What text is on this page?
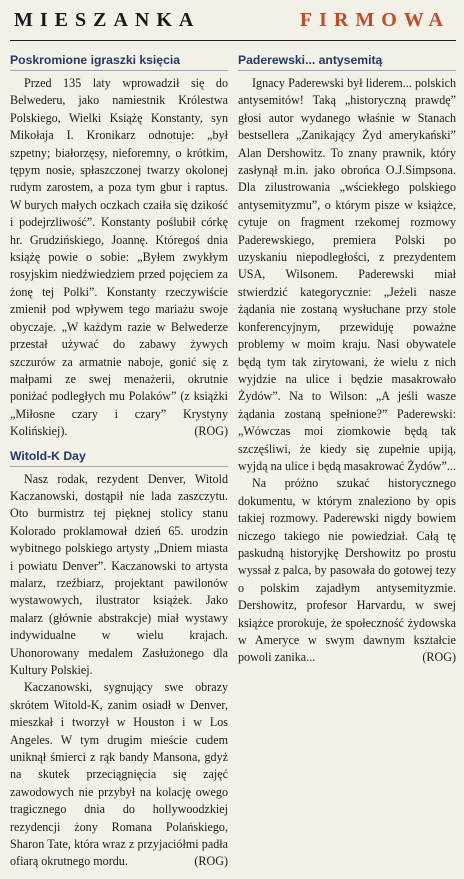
MIESZANKA	FIRMOWA
Poskromione igraszki księcia

Przed 135 laty wprowadził się do Belwederu, jako namiestnik Królestwa Polskiego, Wielki Książę Konstanty, syn Mikołaja I. Kronikarz odnotuje: „był szpetny; białorzęsy, nieforemny, o krótkim, tępym nosie, spłaszczonej twarzy okolonej rudym zarostem, a poza tym gbur i raptus. W burych małych oczkach czaiła się dzikość i podejrzliwość”. Konstanty poślubił córkę hr. Grudzińskiego, Joannę. Któregoś dnia książę powie o sobie: „Byłem zwykłym rosyjskim niedźwiedziem przed pojęciem za żonę tej Polki”. Konstanty rzeczywiście zmienił pod wpływem tego mariażu swoje obyczaje. „W każdym razie w Belwederze przestał używać do zabawy żywych szczurów za armatnie naboje, gonić się z małpami ze swej menażerii, okrutnie poniżać podległych mu Polaków” (z książki „Miłosne czary i czary” Krystyny Kolińskiej).	(ROG)

Witold-K Day

Nasz rodak, rezydent Denver, Witold Kaczanowski, dostąpił nie lada zaszczytu. Oto burmistrz tej pięknej stolicy stanu Kolorado proklamował dzień 65. urodzin wybitnego polskiego artysty „Dniem miasta i powiatu Denver”. Kaczanowski to artysta malarz, rzeźbiarz, projektant pawilonów wystawowych, ilustrator książek. Jako malarz (głównie abstrakcje) miał wystawy indywidualne w wielu krajach. Uhonorowany medalem Zasłużonego dla Kultury Polskiej.

Kaczanowski, sygnujący swe obrazy skrótem Witold-K, zanim osiadł w Denver, mieszkał i tworzył w Houston i w Los Angeles. W tym drugim mieście cudem uniknął śmierci z rąk bandy Mansona, gdyż na skutek przeciągnięcia się zajęć zawodowych nie przybył na kolację owego tragicznego dnia do hollywoodzkiej rezydencji żony Romana Polańskiego, Sharon Tate, która wraz z przyjaciółmi padła ofiarą okrutnego mordu.	(ROG)

Paderewski... antysemitą

Ignacy Paderewski był liderem... polskich antysemitów! Taką „historyczną prawdę” głosi autor wydanego właśnie w Stanach bestsellera „Zanikający Żyd amerykański” Alan Dershowitz. To znany prawnik, który zasłynął m.in. jako obrońca O.J.Simpsona. Dla zilustrowania „wściekłego polskiego antysemityzmu”, o którym pisze w książce, cytuje on fragment rzekomej rozmowy Paderewskiego, premiera Polski po uzyskaniu niepodległości, z prezydentem USA, Wilsonem. Paderewski miał stwierdzić kategorycznie: „Jeżeli nasze żądania nie zostaną wysłuchane przy stole konferencyjnym, przewiduję poważne problemy w moim kraju. Nasi obywatele będą tym tak zirytowani, że wielu z nich wyjdzie na ulice i będzie masakrowało Żydów”. Na to Wilson: „A jeśli wasze żądania zostaną spełnione?” Paderewski: „Wówczas moi ziomkowie będą tak szczęśliwi, że kiedy się zupełnie upiją, wyjdą na ulice i będą masakrować Żydów”...

Na próżno szukać historycznego dokumentu, w którym znaleziono by opis takiej rozmowy. Paderewski nigdy bowiem niczego takiego nie powiedział. Całą tę paskudną historyjkę Dershowitz po prostu wyssał z palca, by pasowała do gotowej tezy o polskim zajadłym antysemityzmie. Dershowitz, profesor Harvardu, w swej książce prorokuje, że społeczność żydowska w Ameryce w swym dawnym kształcie powoli zanika...	(ROG)
